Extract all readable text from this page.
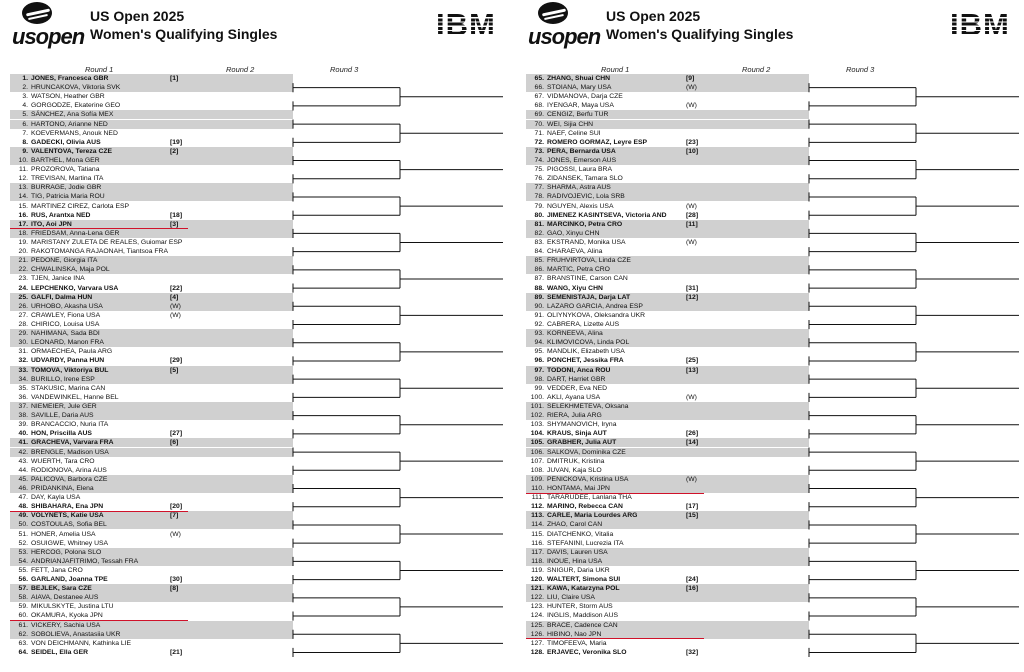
usopen
US Open 2025
Women's Qualifying Singles	IBM
Round 1	Round 2	Round 3
1. JONES, Francesca GBR	[1]
2. HRUNCAKOVA, Viktoria SVK
3. WATSON, Heather GBR
4. GORGODZE, Ekaterine GEO
5. SÁNCHEZ, Ana Sofía MEX
6. HARTONO, Arianne NED
7. KOEVERMANS, Anouk NED
8. GADECKI, Olivia AUS	[19]
9. VALENTOVA, Tereza CZE	[2]
10. BARTHEL, Mona GER
11. PROZOROVA, Tatiana
12. TREVISAN, Martina ITA
13. BURRAGE, Jodie GBR
14. TIG, Patricia Maria ROU
15. MARTINEZ CIREZ, Carlota ESP
16. RUS, Arantxa NED	[18]
17. ITO, Aoi JPN	[3]
18. FRIEDSAM, Anna-Lena GER
19. MARISTANY ZULETA DE REALES, Guiomar ESP
20. RAKOTOMANGA RAJAONAH, Tiantsoa FRA
21. PEDONE, Giorgia ITA
22. CHWALINSKA, Maja POL
23. TJEN, Janice INA
24. LEPCHENKO, Varvara USA	[22]
25. GALFI, Dalma HUN	[4]
26. URHOBO, Akasha USA	(W)
27. CRAWLEY, Fiona USA	(W)
28. CHIRICO, Louisa USA
29. NAHIMANA, Sada BDI
30. LEONARD, Manon FRA
31. ORMAECHEA, Paula ARG
32. UDVARDY, Panna HUN	[29]
33. TOMOVA, Viktoriya BUL	[5]
34. BURILLO, Irene ESP
35. STAKUSIC, Marina CAN
36. VANDEWINKEL, Hanne BEL
37. NIEMEIER, Jule GER
38. SAVILLE, Daria AUS
39. BRANCACCIO, Nuria ITA
40. HON, Priscilla AUS	[27]
41. GRACHEVA, Varvara FRA	[6]
42. BRENGLE, Madison USA
43. WUERTH, Tara CRO
44. RODIONOVA, Arina AUS
45. PALICOVA, Barbora CZE
46. PRIDANKINA, Elena
47. DAY, Kayla USA
48. SHIBAHARA, Ena JPN	[20]
49. VOLYNETS, Katie USA	[7]
50. COSTOULAS, Sofia BEL
51. HONER, Amelia USA	(W)
52. OSUIGWE, Whitney USA
53. HERCOG, Polona SLO
54. ANDRIANJAFITRIMO, Tessah FRA
55. FETT, Jana CRO
56. GARLAND, Joanna TPE	[30]
57. BEJLEK, Sara CZE	[8]
58. AIAVA, Destanee AUS
59. MIKULSKYTE, Justina LTU
60. OKAMURA, Kyoka JPN
61. VICKERY, Sachia USA
62. SOBOLIEVA, Anastasiia UKR
63. VON DEICHMANN, Kathinka LIE
64. SEIDEL, Ella GER	[21]
usopen
US Open 2025
Women's Qualifying Singles	IBM
Round 1	Round 2	Round 3
65. ZHANG, Shuai CHN	[9]
66. STOIANA, Mary USA	(W)
67. VIDMANOVA, Darja CZE
68. IYENGAR, Maya USA	(W)
69. CENGIZ, Berfu TUR
70. WEI, Sijia CHN
71. NAEF, Celine SUI
72. ROMERO GORMAZ, Leyre ESP	[23]
73. PERA, Bernarda USA	[10]
74. JONES, Emerson AUS
75. PIGOSSI, Laura BRA
76. ZIDANSEK, Tamara SLO
77. SHARMA, Astra AUS
78. RADIVOJEVIC, Lola SRB
79. NGUYEN, Alexis USA	(W)
80. JIMENEZ KASINTSEVA, Victoria AND	[28]
81. MARCINKO, Petra CRO	[11]
82. GAO, Xinyu CHN
83. EKSTRAND, Monika USA	(W)
84. CHARAEVA, Alina
85. FRUHVIRTOVA, Linda CZE
86. MARTIC, Petra CRO
87. BRANSTINE, Carson CAN
88. WANG, Xiyu CHN	[31]
89. SEMENISTAJA, Darja LAT	[12]
90. LAZARO GARCIA, Andrea ESP
91. OLIYNYKOVA, Oleksandra UKR
92. CABRERA, Lizette AUS
93. KORNEEVA, Alina
94. KLIMOVICOVA, Linda POL
95. MANDLIK, Elizabeth USA
96. PONCHET, Jessika FRA	[25]
97. TODONI, Anca ROU	[13]
98. DART, Harriet GBR
99. VEDDER, Eva NED
100. AKLI, Ayana USA	(W)
101. SELEKHMETEVA, Oksana
102. RIERA, Julia ARG
103. SHYMANOVICH, Iryna
104. KRAUS, Sinja AUT	[26]
105. GRABHER, Julia AUT	[14]
106. SALKOVA, Dominika CZE
107. DMITRUK, Kristina
108. JUVAN, Kaja SLO
109. PENICKOVA, Kristina USA	(W)
110. HONTAMA, Mai JPN
111. TARARUDEE, Lanlana THA
112. MARINO, Rebecca CAN	[17]
113. CARLE, Maria Lourdes ARG	[15]
114. ZHAO, Carol CAN
115. DIATCHENKO, Vitalia
116. STEFANINI, Lucrezia ITA
117. DAVIS, Lauren USA
118. INOUE, Hina USA
119. SNIGUR, Daria UKR
120. WALTERT, Simona SUI	[24]
121. KAWA, Katarzyna POL	[16]
122. LIU, Claire USA
123. HUNTER, Storm AUS
124. INGLIS, Maddison AUS
125. BRACE, Cadence CAN
126. HIBINO, Nao JPN
127. TIMOFEEVA, Maria
128. ERJAVEC, Veronika SLO	[32]
